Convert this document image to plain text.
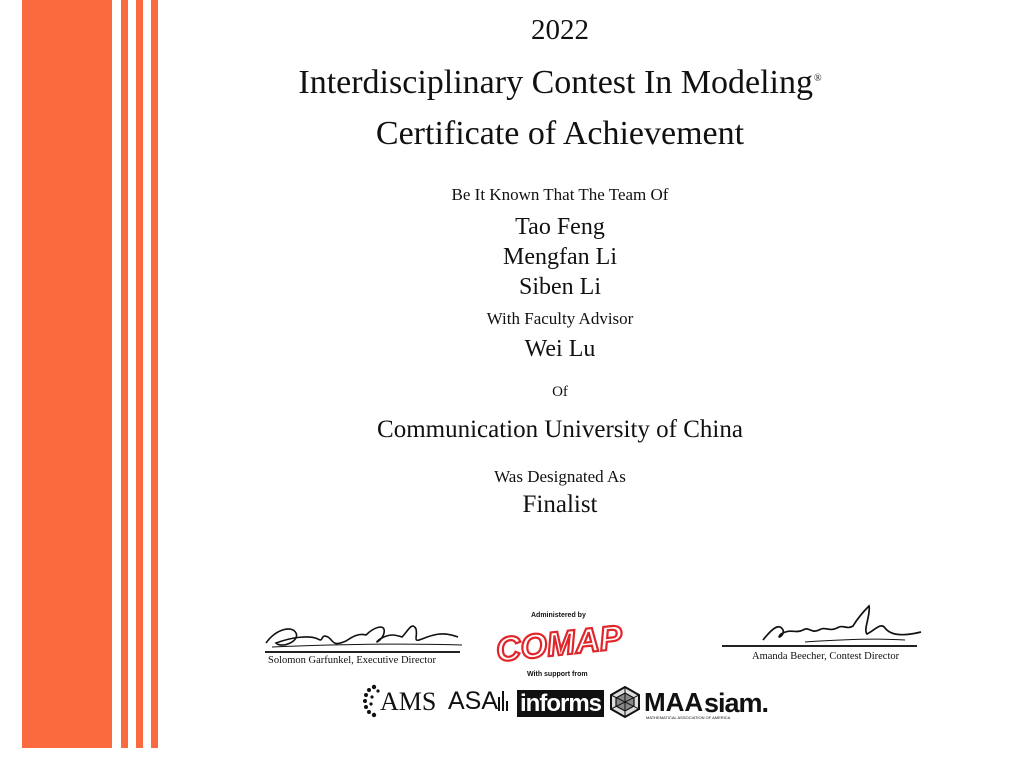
2022
Interdisciplinary Contest In Modeling®
Certificate of Achievement
Be It Known That The Team Of
Tao Feng
Mengfan Li
Siben Li
With Faculty Advisor
Wei Lu
Of
Communication University of China
Was Designated As
Finalist
Solomon Garfunkel, Executive Director
Administered by
COMAP
With support from
Amanda Beecher, Contest Director
AMS ASA informs MAA
MATHEMATICAL ASSOCIATION OF AMERICA
siam.
